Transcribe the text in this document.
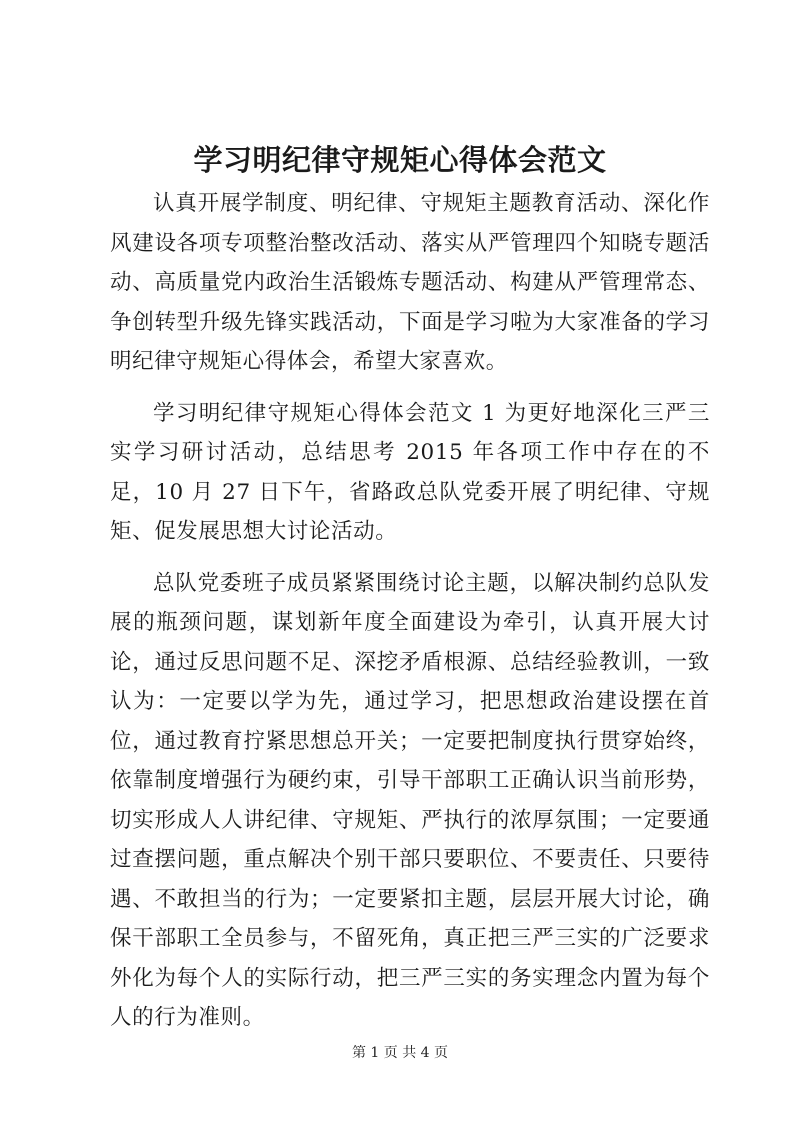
学习明纪律守规矩心得体会范文

认真开展学制度、明纪律、守规矩主题教育活动、深化作风建设各项专项整治整改活动、落实从严管理四个知晓专题活动、高质量党内政治生活锻炼专题活动、构建从严管理常态、争创转型升级先锋实践活动，下面是学习啦为大家准备的学习明纪律守规矩心得体会，希望大家喜欢。

学习明纪律守规矩心得体会范文 1 为更好地深化三严三实学习研讨活动，总结思考 2015 年各项工作中存在的不足，10 月 27 日下午，省路政总队党委开展了明纪律、守规矩、促发展思想大讨论活动。

总队党委班子成员紧紧围绕讨论主题，以解决制约总队发展的瓶颈问题，谋划新年度全面建设为牵引，认真开展大讨论，通过反思问题不足、深挖矛盾根源、总结经验教训，一致认为：一定要以学为先，通过学习，把思想政治建设摆在首位，通过教育拧紧思想总开关；一定要把制度执行贯穿始终，依靠制度增强行为硬约束，引导干部职工正确认识当前形势，切实形成人人讲纪律、守规矩、严执行的浓厚氛围；一定要通过查摆问题，重点解决个别干部只要职位、不要责任、只要待遇、不敢担当的行为；一定要紧扣主题，层层开展大讨论，确保干部职工全员参与，不留死角，真正把三严三实的广泛要求外化为每个人的实际行动，把三严三实的务实理念内置为每个人的行为准则。

第 1 页 共 4 页
